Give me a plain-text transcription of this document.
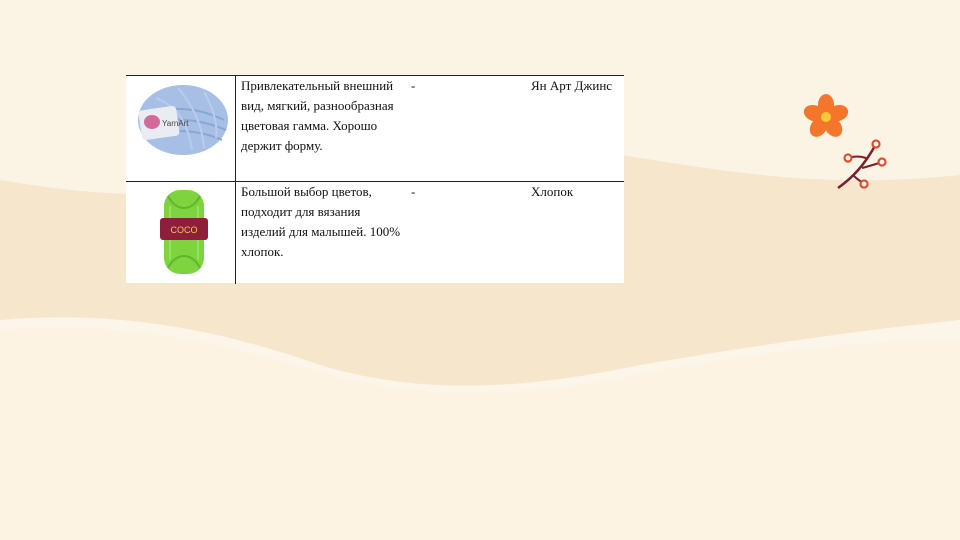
YarnArt	Привлекательный внешний вид, мягкий, разнообразная цветовая гамма. Хорошо держит форму.	-	Ян Арт Джинс

COCO	Большой выбор цветов, подходит для вязания изделий для малышей. 100% хлопок.	-	Хлопок
